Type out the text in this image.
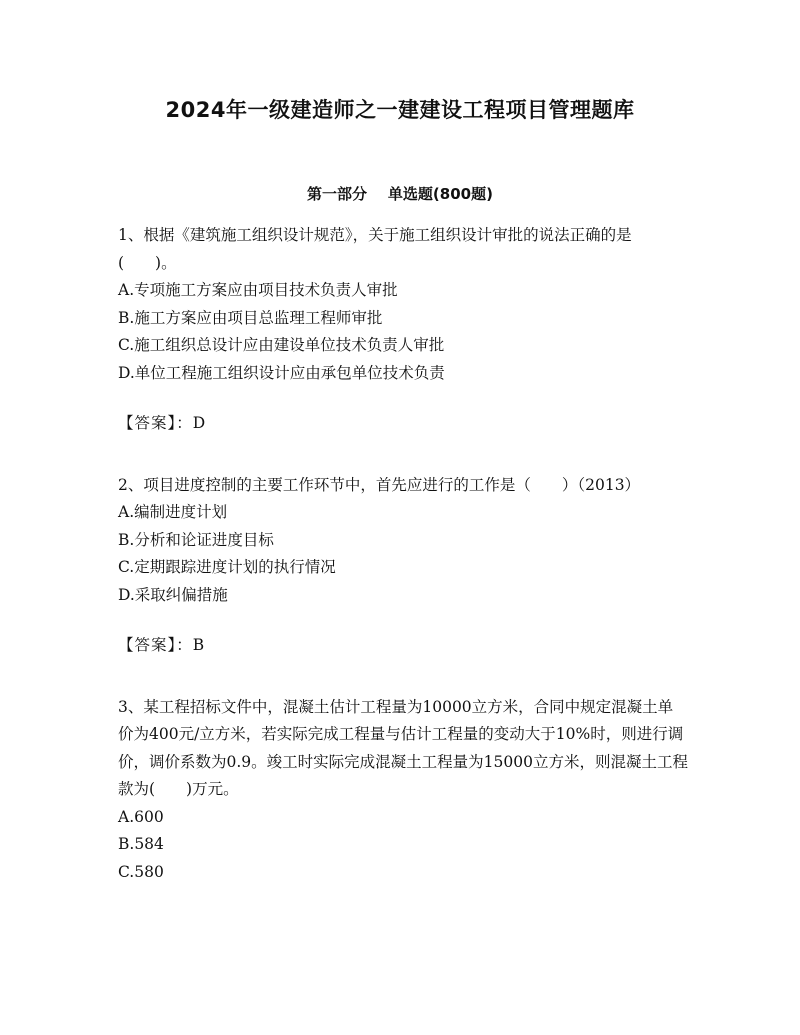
2024年一级建造师之一建建设工程项目管理题库
第一部分    单选题(800题)

1、根据《建筑施工组织设计规范》，关于施工组织设计审批的说法正确的是(　　)。

A.专项施工方案应由项目技术负责人审批

B.施工方案应由项目总监理工程师审批

C.施工组织总设计应由建设单位技术负责人审批

D.单位工程施工组织设计应由承包单位技术负责

【答案】：D

2、项目进度控制的主要工作环节中，首先应进行的工作是（　　）（2013）

A.编制进度计划

B.分析和论证进度目标

C.定期跟踪进度计划的执行情况

D.采取纠偏措施

【答案】：B

3、某工程招标文件中，混凝土估计工程量为10000立方米，合同中规定混凝土单价为400元/立方米，若实际完成工程量与估计工程量的变动大于10%时，则进行调价，调价系数为0.9。竣工时实际完成混凝土工程量为15000立方米，则混凝土工程款为(　　)万元。

A.600

B.584

C.580
